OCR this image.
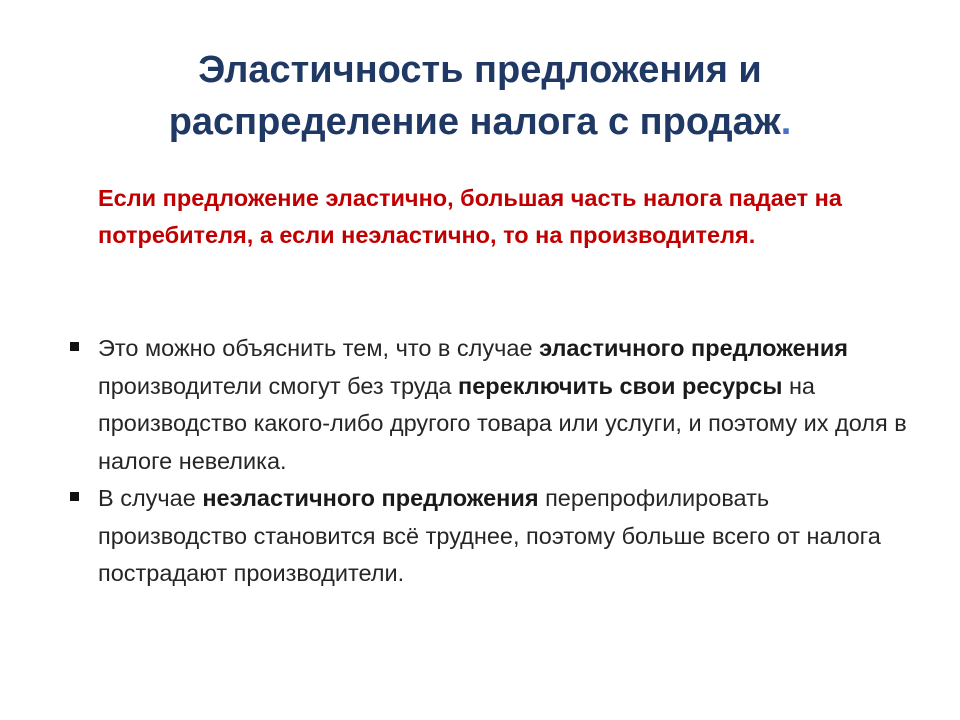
Эластичность предложения и
распределение налога с продаж.
Если предложение эластично, большая часть налога падает на потребителя, а если неэластично, то на производителя.
Это можно объяснить тем, что в случае эластичного предложения производители смогут без труда переключить свои ресурсы на производство какого-либо другого товара или услуги, и поэтому их доля в налоге невелика.
В случае неэластичного предложения перепрофилировать производство становится всё труднее, поэтому больше всего от налога пострадают производители.
